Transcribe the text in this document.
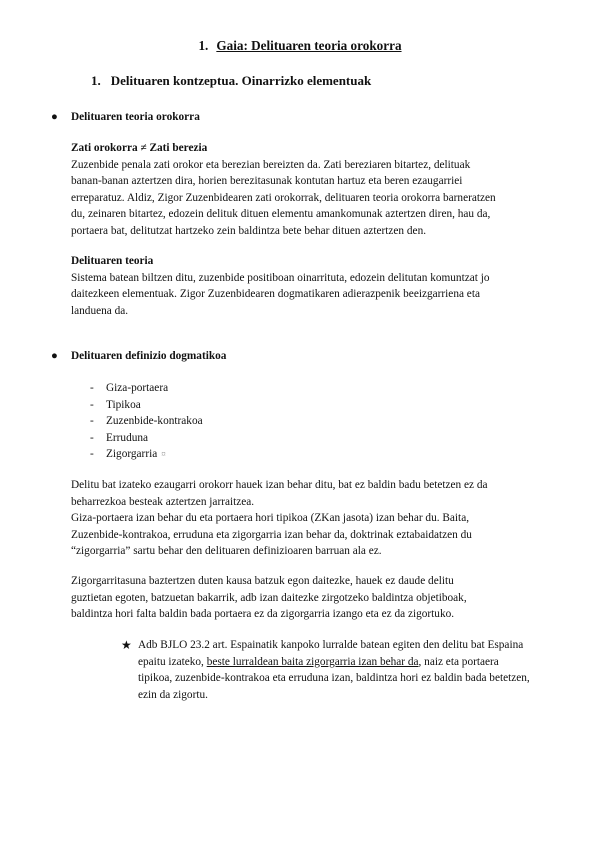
1. Gaia: Delituaren teoria orokorra
1. Delituaren kontzeptua. Oinarrizko elementuak
● Delituaren teoria orokorra
Zati orokorra ≠ Zati berezia
Zuzenbide penala zati orokor eta berezian bereizten da. Zati bereziaren bitartez, delituak
banan-banan aztertzen dira, horien berezitasunak kontutan hartuz eta beren ezaugarriei
erreparatuz. Aldiz, Zigor Zuzenbidearen zati orokorrak, delituaren teoria orokorra barneratzen
du, zeinaren bitartez, edozein delituk dituen elementu amankomunak aztertzen diren, hau da,
portaera bat, delitutzat hartzeko zein baldintza bete behar dituen aztertzen den.
Delituaren teoria
Sistema batean biltzen ditu, zuzenbide positiboan oinarrituta, edozein delitutan komuntzat jo
daitezkeen elementuak. Zigor Zuzenbidearen dogmatikaren adierazpenik beeizgarriena eta
landuena da.
● Delituaren definizio dogmatikoa
-	Giza-portaera
-	Tipikoa
-	Zuzenbide-kontrakoa
-	Erruduna
-	Zigorgarria ¤
Delitu bat izateko ezaugarri orokorr hauek izan behar ditu, bat ez baldin badu betetzen ez da
beharrezkoa besteak aztertzen jarraitzea.
Giza-portaera izan behar du eta portaera hori tipikoa (ZKan jasota) izan behar du. Baita,
Zuzenbide-kontrakoa, erruduna eta zigorgarria izan behar da, doktrinak eztabaidatzen du
“zigorgarria” sartu behar den delituaren definizioaren barruan ala ez.
Zigorgarritasuna baztertzen duten kausa batzuk egon daitezke, hauek ez daude delitu
guztietan egoten, batzuetan bakarrik, adb izan daitezke zirgotzeko baldintza objetiboak,
baldintza hori falta baldin bada portaera ez da zigorgarria izango eta ez da zigortuko.
★ Adb BJLO 23.2 art. Espainatik kanpoko lurralde batean egiten den delitu bat Espaina
epaitu izateko, beste lurraldean baita zigorgarria izan behar da, naiz eta portaera
tipikoa, zuzenbide-kontrakoa eta erruduna izan, baldintza hori ez baldin bada betetzen,
ezin da zigortu.
